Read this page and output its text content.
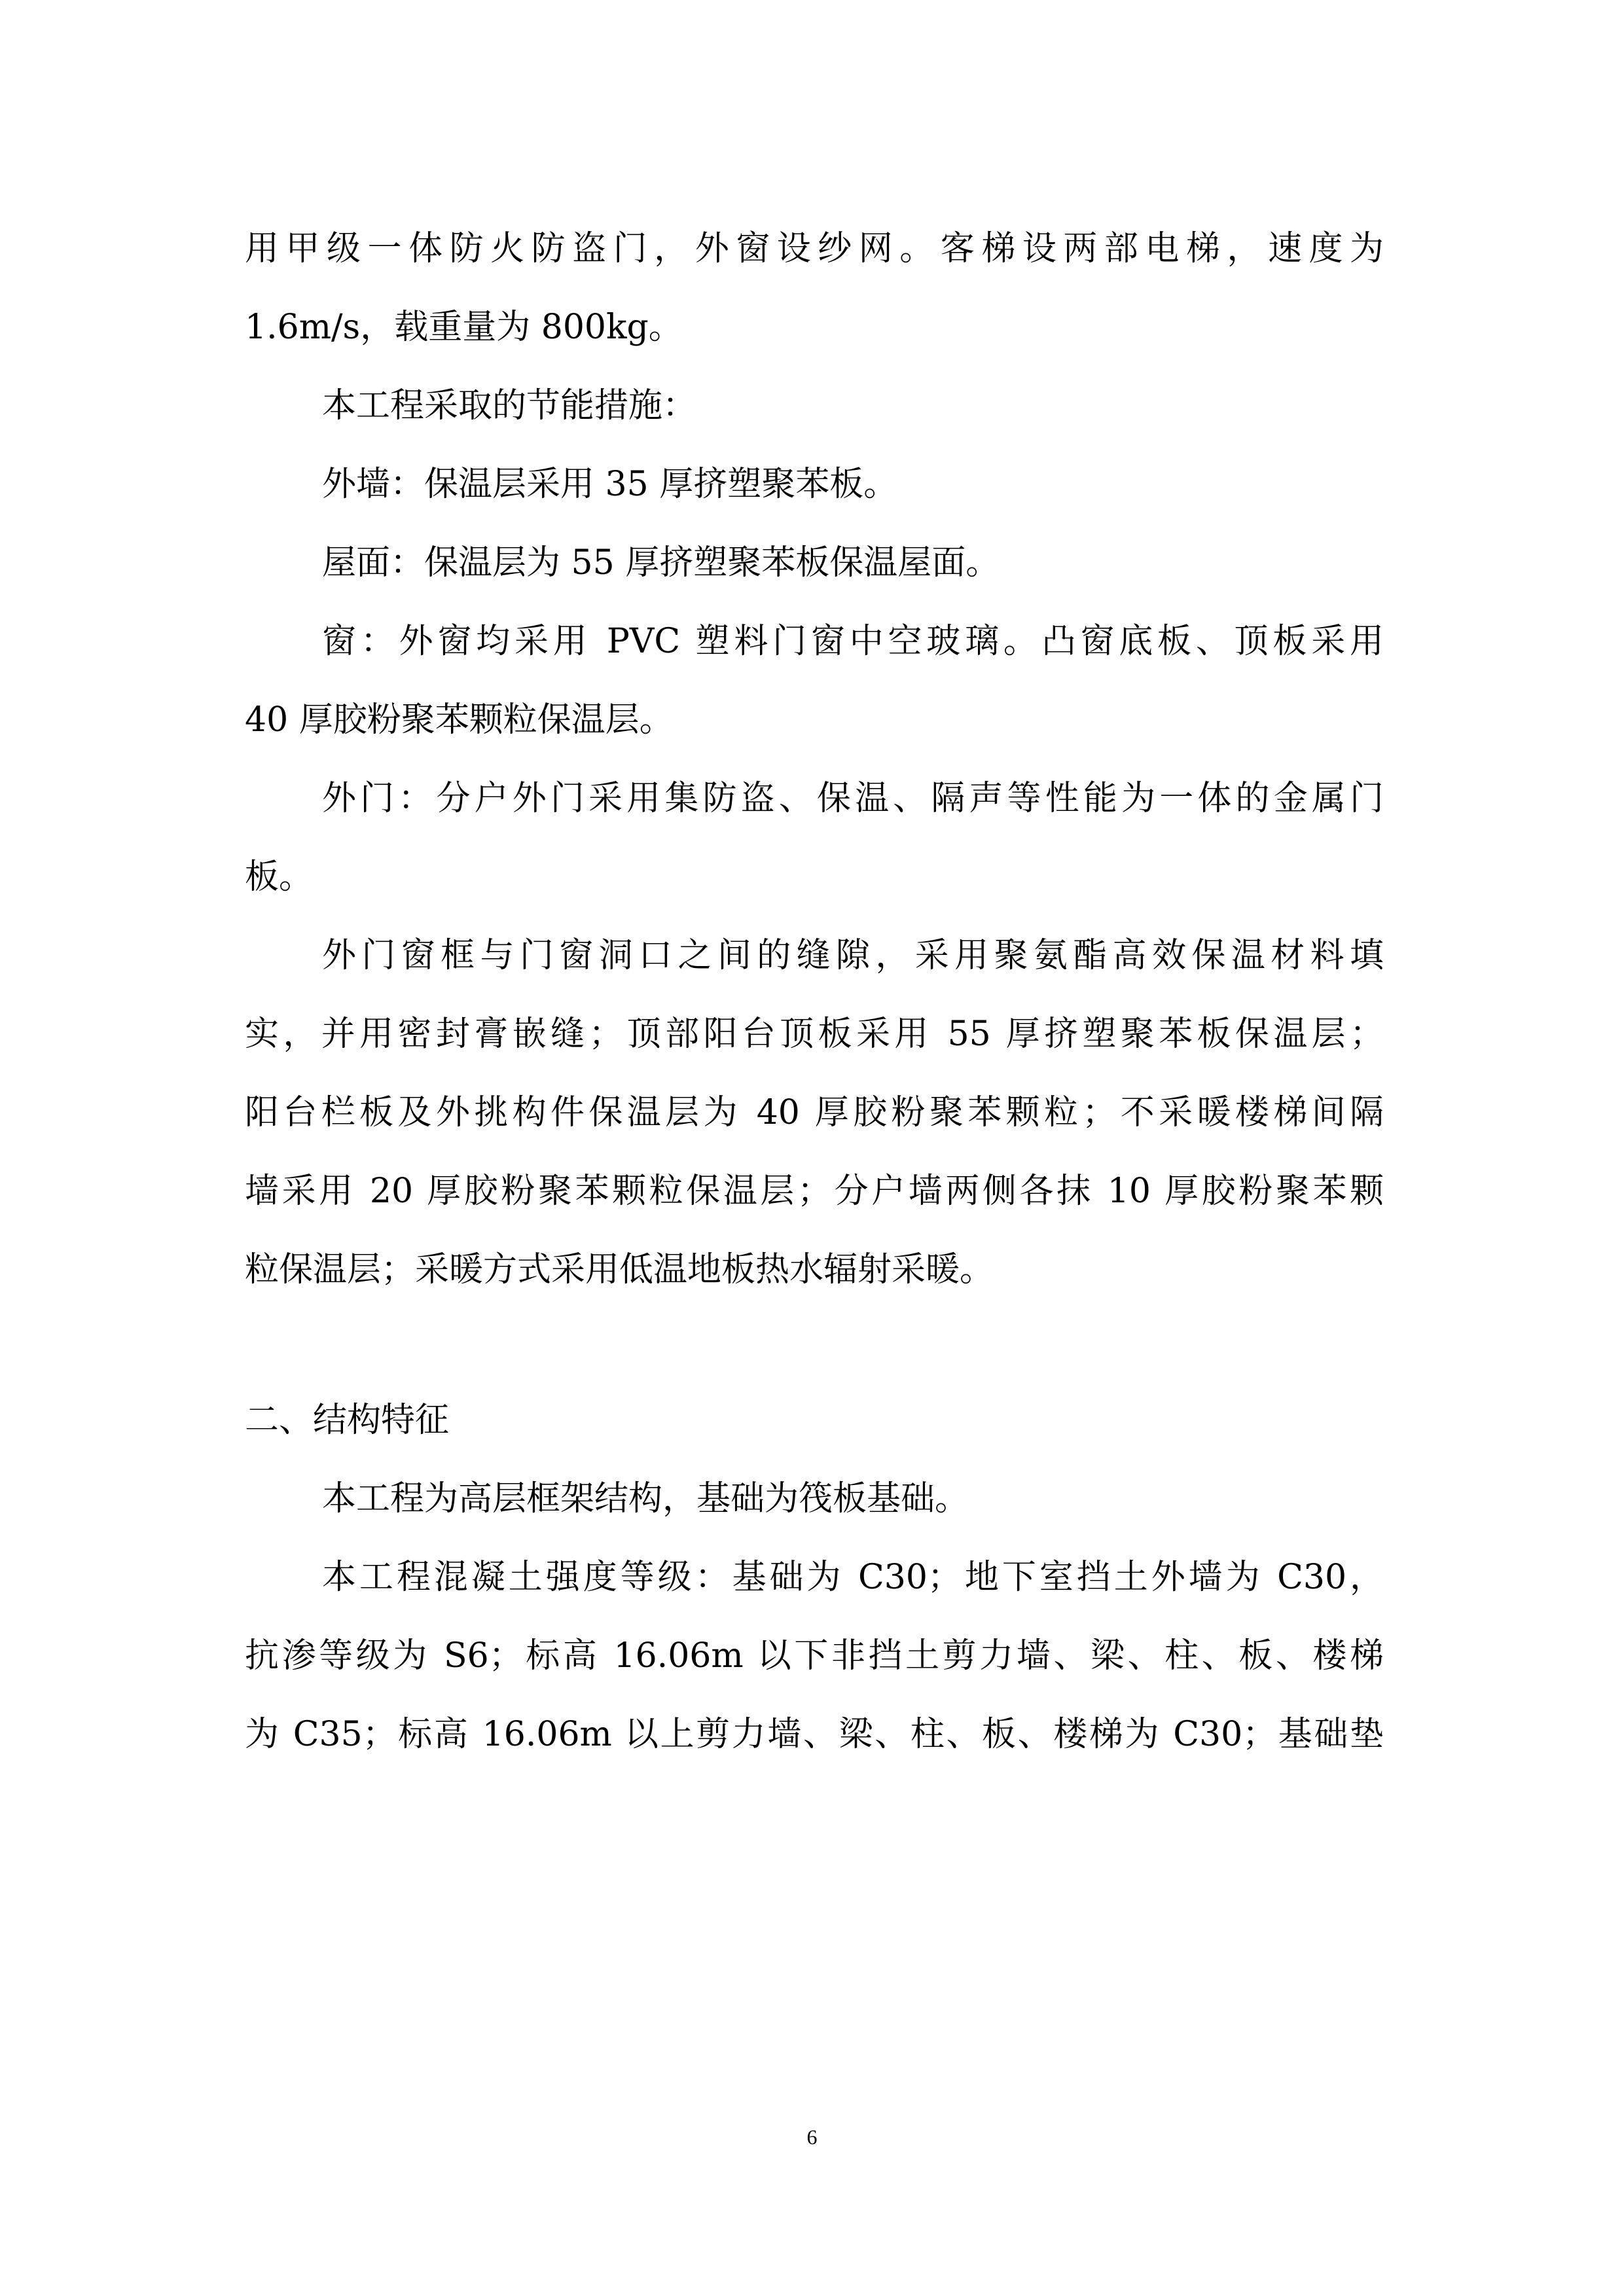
用甲级一体防火防盗门，外窗设纱网。客梯设两部电梯，速度为
1.6m/s，载重量为 800kg。
本工程采取的节能措施：
外墙：保温层采用 35 厚挤塑聚苯板。
屋面：保温层为 55 厚挤塑聚苯板保温屋面。
窗：外窗均采用 PVC 塑料门窗中空玻璃。凸窗底板、顶板采用
40 厚胶粉聚苯颗粒保温层。
外门：分户外门采用集防盗、保温、隔声等性能为一体的金属门
板。
外门窗框与门窗洞口之间的缝隙，采用聚氨酯高效保温材料填
实，并用密封膏嵌缝；顶部阳台顶板采用 55 厚挤塑聚苯板保温层；
阳台栏板及外挑构件保温层为 40 厚胶粉聚苯颗粒；不采暖楼梯间隔
墙采用 20 厚胶粉聚苯颗粒保温层；分户墙两侧各抹 10 厚胶粉聚苯颗
粒保温层；采暖方式采用低温地板热水辐射采暖。
二、结构特征
本工程为高层框架结构，基础为筏板基础。
本工程混凝土强度等级：基础为 C30；地下室挡土外墙为 C30，
抗渗等级为 S6；标高 16.06m 以下非挡土剪力墙、梁、柱、板、楼梯
为 C35；标高 16.06m 以上剪力墙、梁、柱、板、楼梯为 C30；基础垫
6
